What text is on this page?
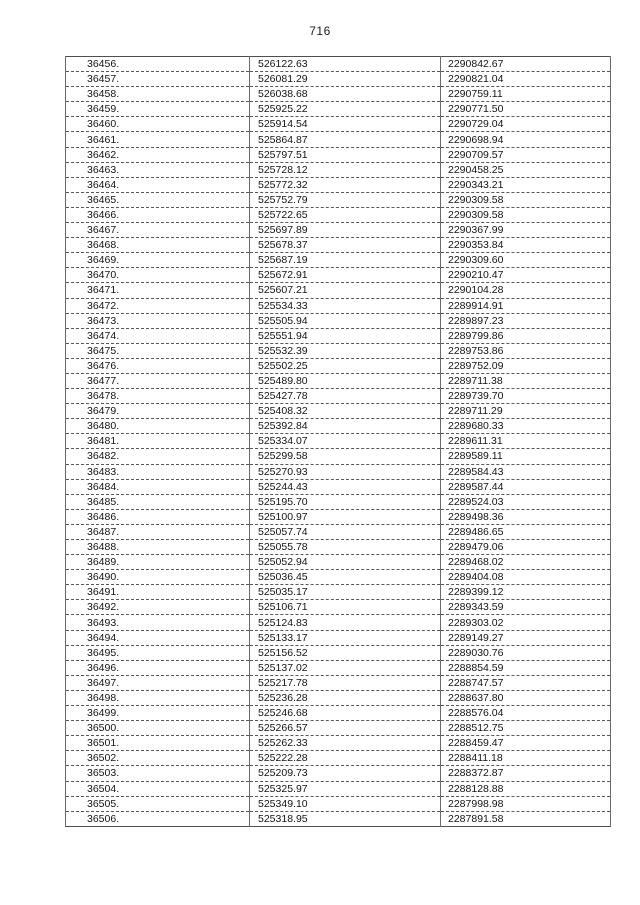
716
36456.	526122.63	2290842.67
36457.	526081.29	2290821.04
36458.	526038.68	2290759.11
36459.	525925.22	2290771.50
36460.	525914.54	2290729.04
36461.	525864.87	2290698.94
36462.	525797.51	2290709.57
36463.	525728.12	2290458.25
36464.	525772.32	2290343.21
36465.	525752.79	2290309.58
36466.	525722.65	2290309.58
36467.	525697.89	2290367.99
36468.	525678.37	2290353.84
36469.	525687.19	2290309.60
36470.	525672.91	2290210.47
36471.	525607.21	2290104.28
36472.	525534.33	2289914.91
36473.	525505.94	2289897.23
36474.	525551.94	2289799.86
36475.	525532.39	2289753.86
36476.	525502.25	2289752.09
36477.	525489.80	2289711.38
36478.	525427.78	2289739.70
36479.	525408.32	2289711.29
36480.	525392.84	2289680.33
36481.	525334.07	2289611.31
36482.	525299.58	2289589.11
36483.	525270.93	2289584.43
36484.	525244.43	2289587.44
36485.	525195.70	2289524.03
36486.	525100.97	2289498.36
36487.	525057.74	2289486.65
36488.	525055.78	2289479.06
36489.	525052.94	2289468.02
36490.	525036.45	2289404.08
36491.	525035.17	2289399.12
36492.	525106.71	2289343.59
36493.	525124.83	2289303.02
36494.	525133.17	2289149.27
36495.	525156.52	2289030.76
36496.	525137.02	2288854.59
36497.	525217.78	2288747.57
36498.	525236.28	2288637.80
36499.	525246.68	2288576.04
36500.	525266.57	2288512.75
36501.	525262.33	2288459.47
36502.	525222.28	2288411.18
36503.	525209.73	2288372.87
36504.	525325.97	2288128.88
36505.	525349.10	2287998.98
36506.	525318.95	2287891.58
